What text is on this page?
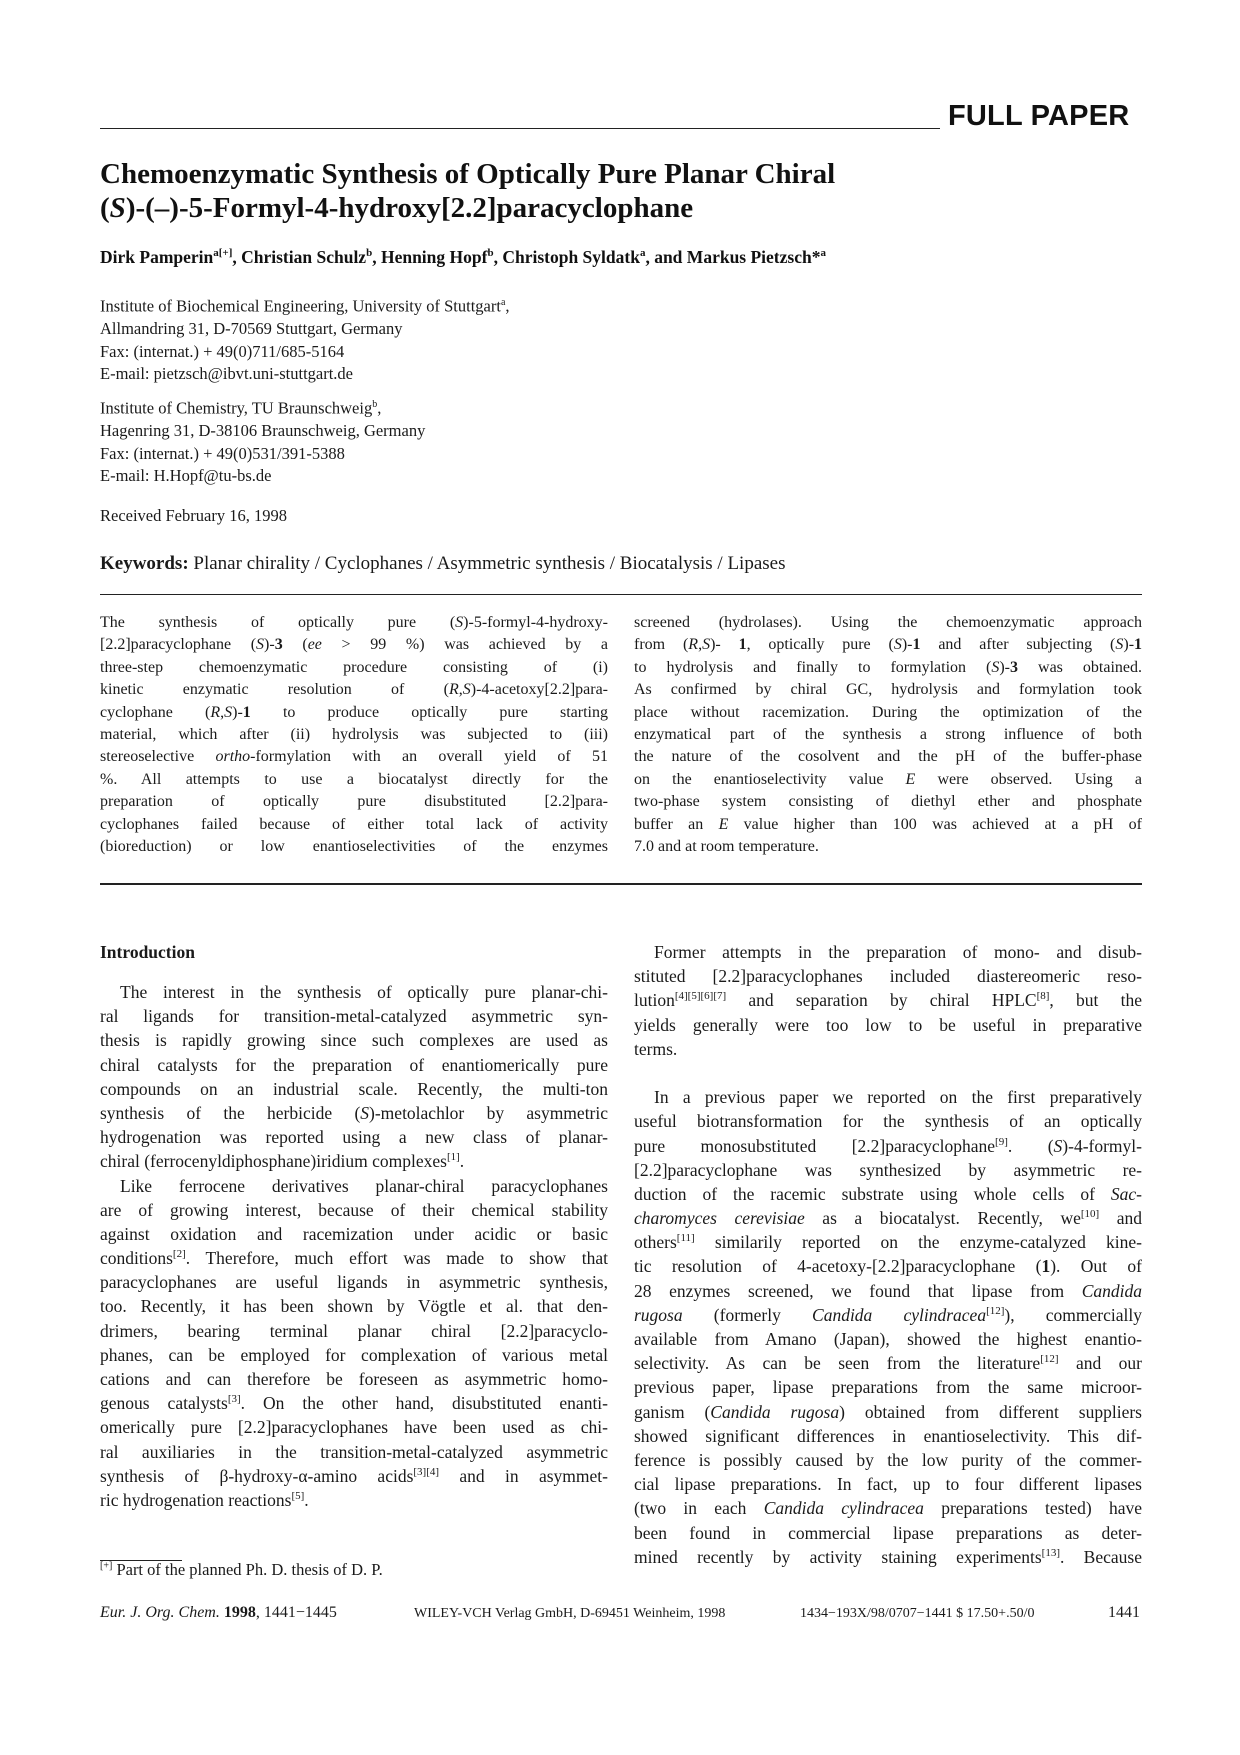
FULL PAPER
Chemoenzymatic Synthesis of Optically Pure Planar Chiral
(S)-(–)-5-Formyl-4-hydroxy[2.2]paracyclophane
Dirk Pamperin$^{a[+]}$, Christian Schulz$^b$, Henning Hopf$^b$, Christoph Syldatk$^a$, and Markus Pietzsch*$^a$
Institute of Biochemical Engineering, University of Stuttgart$^a$,
Allmandring 31, D-70569 Stuttgart, Germany
Fax: (internat.) + 49(0)711/685-5164
E-mail: pietzsch@ibvt.uni-stuttgart.de
Institute of Chemistry, TU Braunschweig$^b$,
Hagenring 31, D-38106 Braunschweig, Germany
Fax: (internat.) + 49(0)531/391-5388
E-mail: H.Hopf@tu-bs.de
Received February 16, 1998
Keywords: Planar chirality / Cyclophanes / Asymmetric synthesis / Biocatalysis / Lipases
The synthesis of optically pure (S)-5-formyl-4-hydroxy-
[2.2]paracyclophane (S)-3 (ee > 99 %) was achieved by a
three-step chemoenzymatic procedure consisting of (i)
kinetic enzymatic resolution of (R,S)-4-acetoxy[2.2]para-
cyclophane (R,S)-1 to produce optically pure starting
material, which after (ii) hydrolysis was subjected to (iii)
stereoselective ortho-formylation with an overall yield of 51
%. All attempts to use a biocatalyst directly for the
preparation of optically pure disubstituted [2.2]para-
cyclophanes failed because of either total lack of activity
(bioreduction) or low enantioselectivities of the enzymes
screened (hydrolases). Using the chemoenzymatic approach
from (R,S)- 1, optically pure (S)-1 and after subjecting (S)-1
to hydrolysis and finally to formylation (S)-3 was obtained.
As confirmed by chiral GC, hydrolysis and formylation took
place without racemization. During the optimization of the
enzymatical part of the synthesis a strong influence of both
the nature of the cosolvent and the pH of the buffer-phase
on the enantioselectivity value E were observed. Using a
two-phase system consisting of diethyl ether and phosphate
buffer an E value higher than 100 was achieved at a pH of
7.0 and at room temperature.
Introduction
The interest in the synthesis of optically pure planar-chi-
ral ligands for transition-metal-catalyzed asymmetric syn-
thesis is rapidly growing since such complexes are used as
chiral catalysts for the preparation of enantiomerically pure
compounds on an industrial scale. Recently, the multi-ton
synthesis of the herbicide (S)-metolachlor by asymmetric
hydrogenation was reported using a new class of planar-
chiral (ferrocenyldiphosphane)iridium complexes[1].
Like ferrocene derivatives planar-chiral paracyclophanes
are of growing interest, because of their chemical stability
against oxidation and racemization under acidic or basic
conditions[2]. Therefore, much effort was made to show that
paracyclophanes are useful ligands in asymmetric synthesis,
too. Recently, it has been shown by Vögtle et al. that den-
drimers, bearing terminal planar chiral [2.2]paracyclo-
phanes, can be employed for complexation of various metal
cations and can therefore be foreseen as asymmetric homo-
genous catalysts[3]. On the other hand, disubstituted enanti-
omerically pure [2.2]paracyclophanes have been used as chi-
ral auxiliaries in the transition-metal-catalyzed asymmetric
synthesis of β-hydroxy-α-amino acids[3][4] and in asymmet-
ric hydrogenation reactions[5].
[+] Part of the planned Ph. D. thesis of D. P.
Former attempts in the preparation of mono- and disub-
stituted [2.2]paracyclophanes included diastereomeric reso-
lution[4][5][6][7] and separation by chiral HPLC[8], but the
yields generally were too low to be useful in preparative
terms.
In a previous paper we reported on the first preparatively
useful biotransformation for the synthesis of an optically
pure monosubstituted [2.2]paracyclophane[9]. (S)-4-formyl-
[2.2]paracyclophane was synthesized by asymmetric re-
duction of the racemic substrate using whole cells of Sac-
charomyces cerevisiae as a biocatalyst. Recently, we[10] and
others[11] similarily reported on the enzyme-catalyzed kine-
tic resolution of 4-acetoxy-[2.2]paracyclophane (1). Out of
28 enzymes screened, we found that lipase from Candida
rugosa (formerly Candida cylindracea[12]), commercially
available from Amano (Japan), showed the highest enantio-
selectivity. As can be seen from the literature[12] and our
previous paper, lipase preparations from the same microor-
ganism (Candida rugosa) obtained from different suppliers
showed significant differences in enantioselectivity. This dif-
ference is possibly caused by the low purity of the commer-
cial lipase preparations. In fact, up to four different lipases
(two in each Candida cylindracea preparations tested) have
been found in commercial lipase preparations as deter-
mined recently by activity staining experiments[13]. Because
Eur. J. Org. Chem. 1998, 1441−1445	WILEY-VCH Verlag GmbH, D-69451 Weinheim, 1998	1434−193X/98/0707−1441 $ 17.50+.50/0	1441
